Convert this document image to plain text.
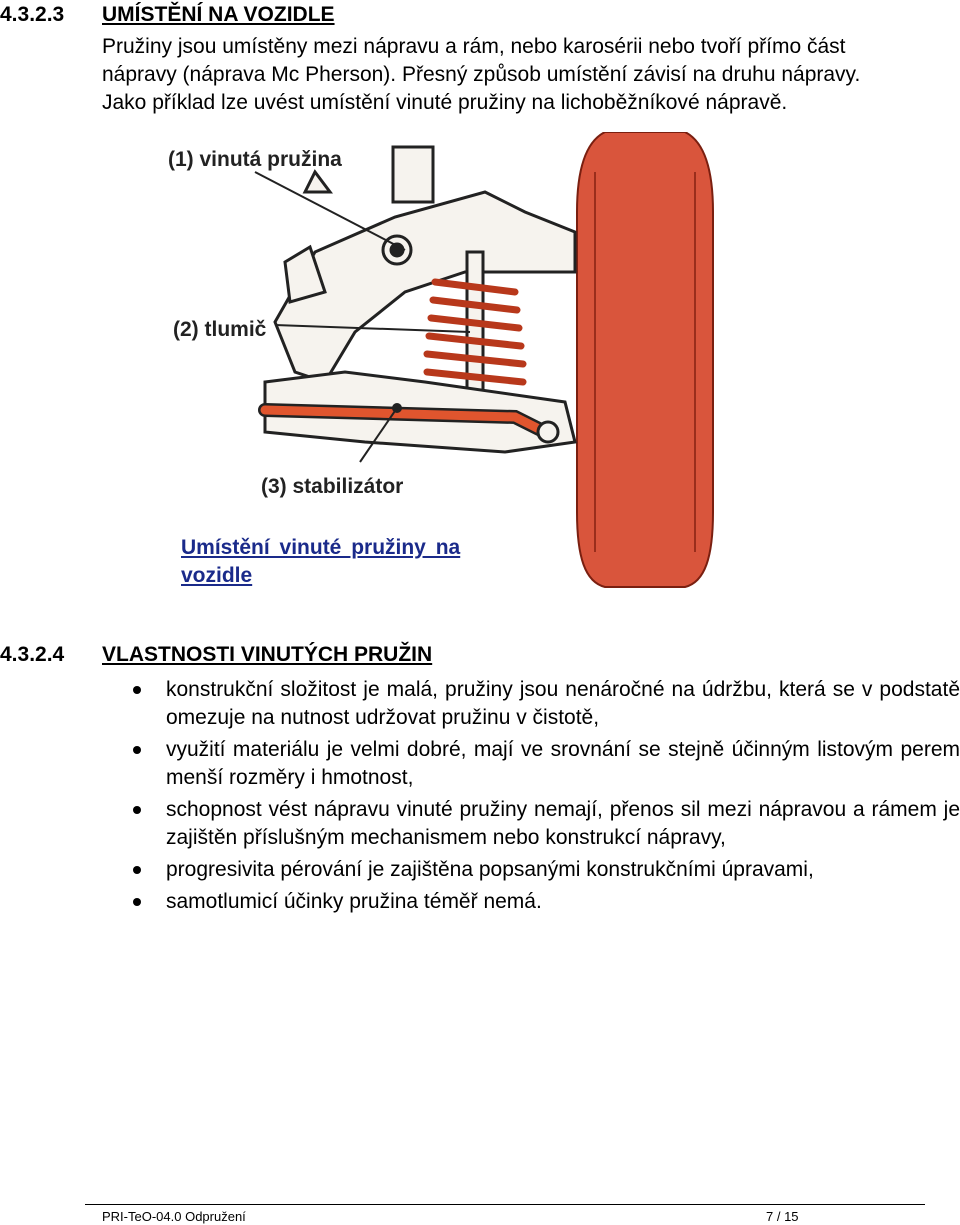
4.3.2.3 UMÍSTĚNÍ NA VOZIDLE

Pružiny jsou umístěny mezi nápravu a rám, nebo karosérii nebo tvoří přímo část
nápravy (náprava Mc Pherson). Přesný způsob umístění závisí na druhu nápravy.
Jako příklad lze uvést umístění vinuté pružiny na lichoběžníkové nápravě.

(1) vinutá pružina
(2) tlumič
(3) stabilizátor

Umístění vinuté pružiny na
vozidle

4.3.2.4 VLASTNOSTI VINUTÝCH PRUŽIN
konstrukční složitost je malá, pružiny jsou nenáročné na údržbu, která se v podstatě omezuje na nutnost udržovat pružinu v čistotě,
využití materiálu je velmi dobré, mají ve srovnání se stejně účinným listovým perem menší rozměry i hmotnost,
schopnost vést nápravu vinuté pružiny nemají, přenos sil mezi nápravou a rámem je zajištěn příslušným mechanismem nebo konstrukcí nápravy,
progresivita pérování je zajištěna popsanými konstrukčními úpravami,
samotlumicí účinky pružina téměř nemá.
PRI-TeO-04.0 Odpružení	7 / 15
